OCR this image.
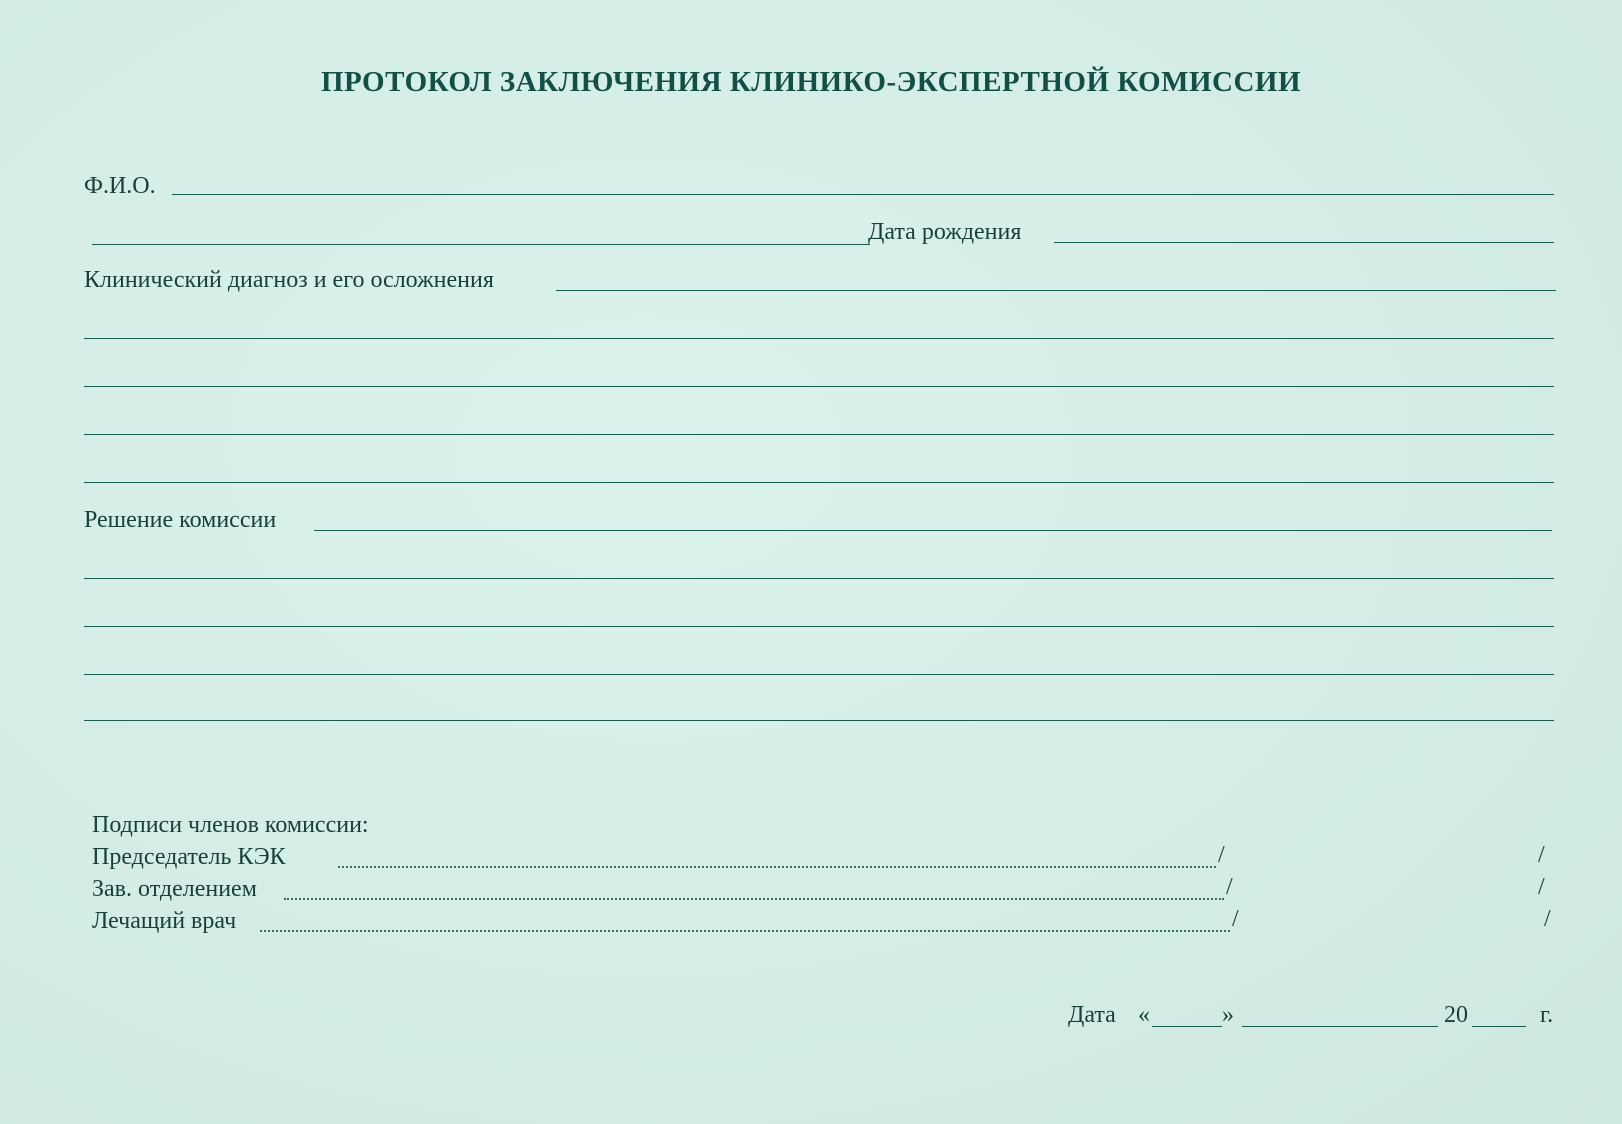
ПРОТОКОЛ ЗАКЛЮЧЕНИЯ КЛИНИКО-ЭКСПЕРТНОЙ КОМИССИИ
Ф.И.О.
Дата рождения
Клинический диагноз и его осложнения
Решение комиссии
Подписи членов комиссии:
Председатель КЭК	/	/
Зав. отделением	/	/
Лечащий врач	/	/
Дата «	»	20	г.
